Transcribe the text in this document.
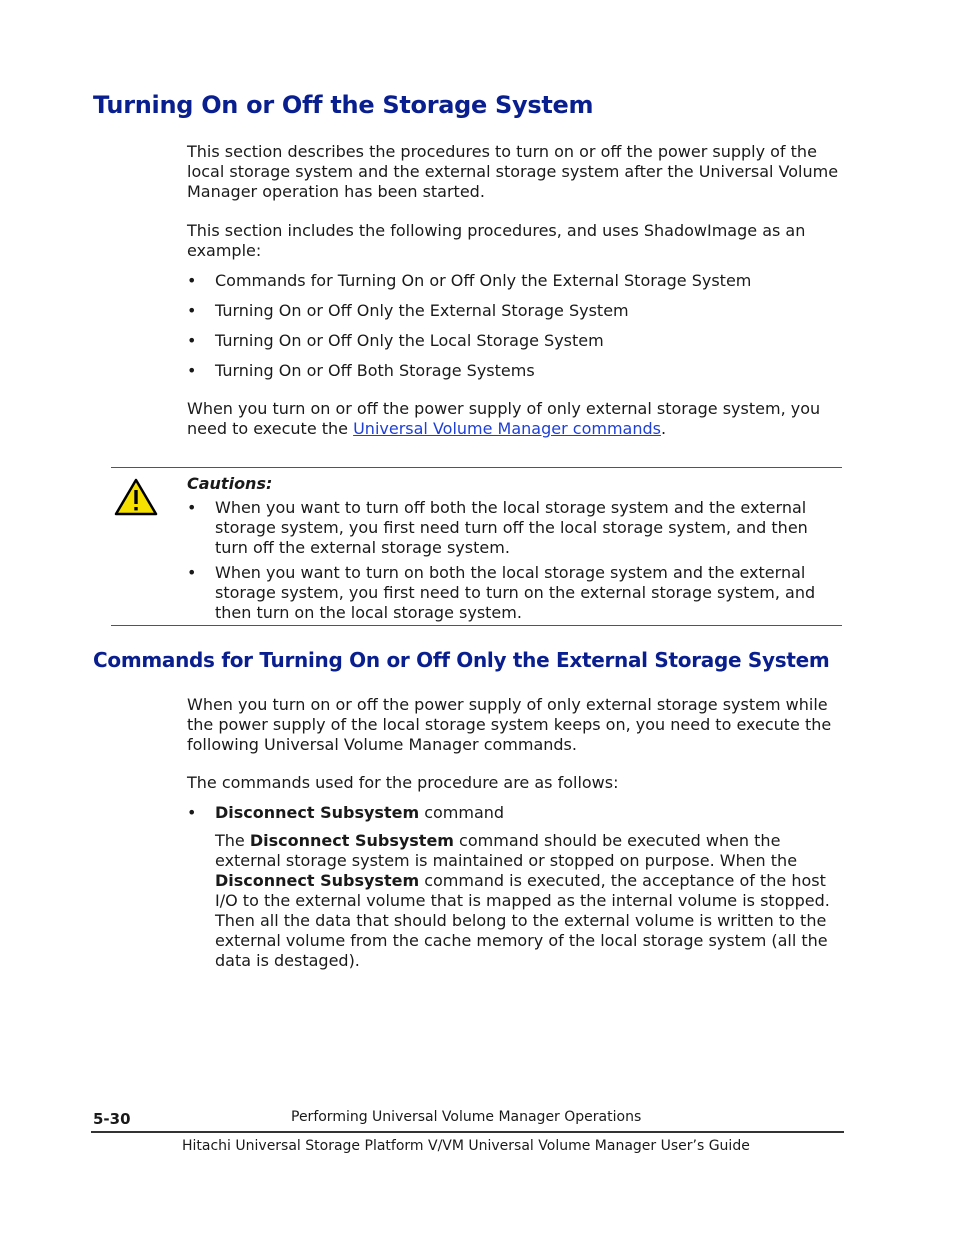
Turning On or Off the Storage System

This section describes the procedures to turn on or off the power supply of the local storage system and the external storage system after the Universal Volume Manager operation has been started.

This section includes the following procedures, and uses ShadowImage as an example:

• Commands for Turning On or Off Only the External Storage System
• Turning On or Off Only the External Storage System
• Turning On or Off Only the Local Storage System
• Turning On or Off Both Storage Systems

When you turn on or off the power supply of only external storage system, you need to execute the Universal Volume Manager commands.

Cautions:
• When you want to turn off both the local storage system and the external storage system, you first need turn off the local storage system, and then turn off the external storage system.
• When you want to turn on both the local storage system and the external storage system, you first need to turn on the external storage system, and then turn on the local storage system.
Commands for Turning On or Off Only the External Storage System

When you turn on or off the power supply of only external storage system while the power supply of the local storage system keeps on, you need to execute the following Universal Volume Manager commands.

The commands used for the procedure are as follows:

• Disconnect Subsystem command
The Disconnect Subsystem command should be executed when the external storage system is maintained or stopped on purpose. When the Disconnect Subsystem command is executed, the acceptance of the host I/O to the external volume that is mapped as the internal volume is stopped. Then all the data that should belong to the external volume is written to the external volume from the cache memory of the local storage system (all the data is destaged).
5-30	Performing Universal Volume Manager Operations
Hitachi Universal Storage Platform V/VM Universal Volume Manager User’s Guide
